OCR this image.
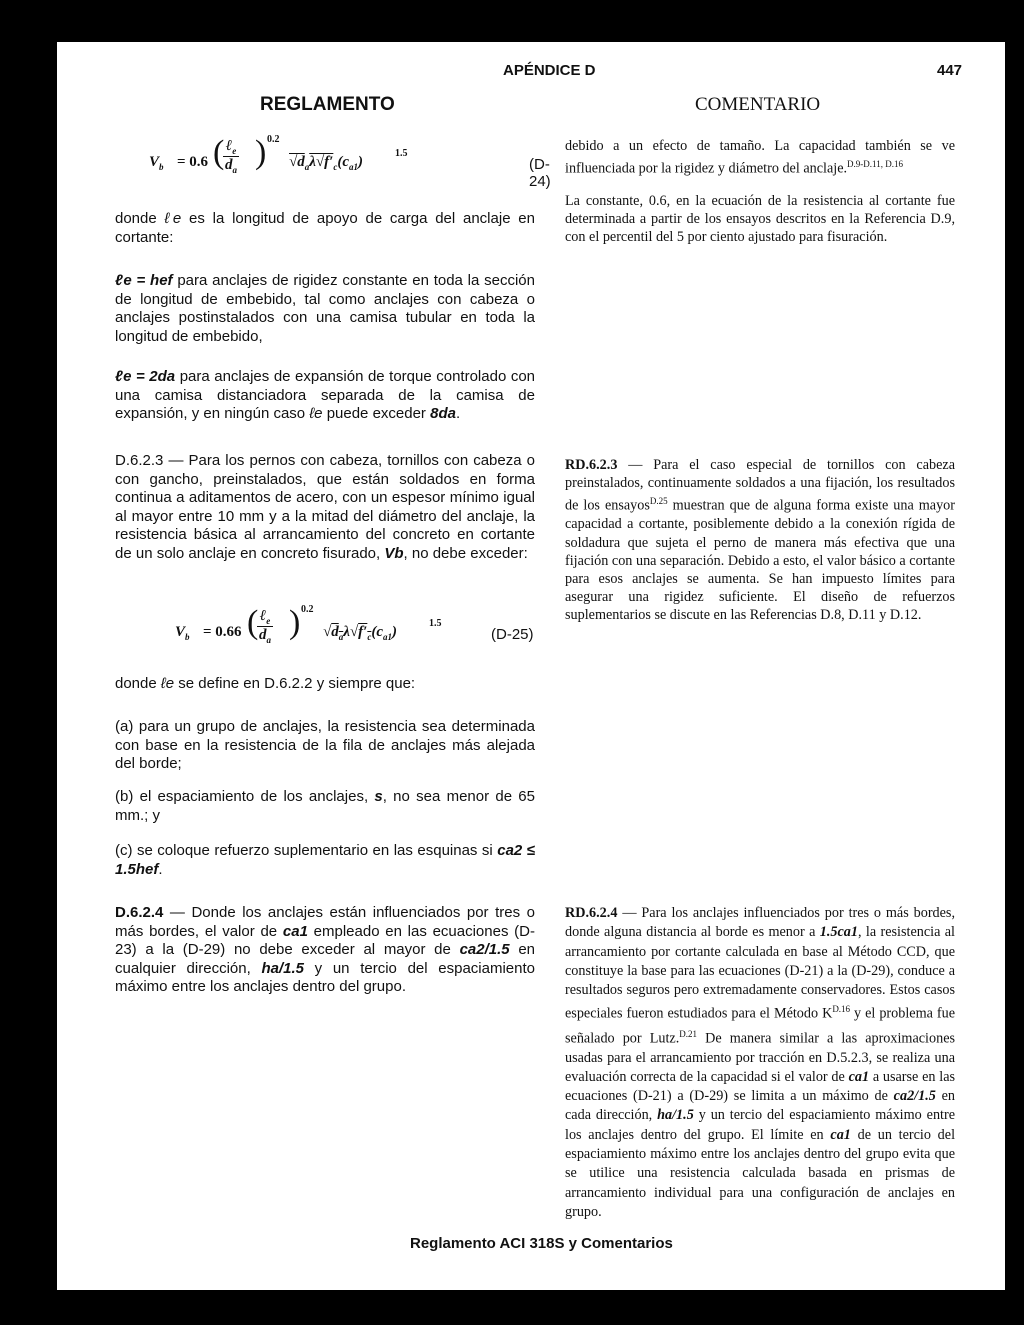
APÉNDICE D	447
REGLAMENTO	COMENTARIO
$V_b = 0.6$ ( ℓ$_e$
$d_a$ ) 0.2
$√d_a\lambda√f'_c(c_{a1})$
1.5
(D-24)

donde ℓe es la longitud de apoyo de carga del anclaje en cortante:

ℓe = hef para anclajes de rigidez constante en toda la sección de longitud de embebido, tal como anclajes con cabeza o anclajes postinstalados con una camisa tubular en toda la longitud de embebido,

ℓe = 2da para anclajes de expansión de torque controlado con una camisa distanciadora separada de la camisa de expansión, y en ningún caso ℓe puede exceder 8da.

D.6.2.3 — Para los pernos con cabeza, tornillos con cabeza o con gancho, preinstalados, que están soldados en forma continua a aditamentos de acero, con un espesor mínimo igual al mayor entre 10 mm y a la mitad del diámetro del anclaje, la resistencia básica al arrancamiento del concreto en cortante de un solo anclaje en concreto fisurado, Vb, no debe exceder:

$V_b = 0.66$ ( ℓ$_e$
$d_a$ ) 0.2
$√d_a\lambda√f'_c(c_{a1})$
1.5
(D-25)

donde ℓe se define en D.6.2.2 y siempre que:

(a) para un grupo de anclajes, la resistencia sea determinada con base en la resistencia de la fila de anclajes más alejada del borde;

(b) el espaciamiento de los anclajes, s, no sea menor de 65 mm.; y

(c) se coloque refuerzo suplementario en las esquinas si ca2 ≤ 1.5hef.

D.6.2.4 — Donde los anclajes están influenciados por tres o más bordes, el valor de ca1 empleado en las ecuaciones (D-23) a la (D-29) no debe exceder al mayor de ca2/1.5 en cualquier dirección, ha/1.5 y un tercio del espaciamiento máximo entre los anclajes dentro del grupo.

debido a un efecto de tamaño. La capacidad también se ve influenciada por la rigidez y diámetro del anclaje.$^{D.9-D.11, D.16}$

La constante, 0.6, en la ecuación de la resistencia al cortante fue determinada a partir de los ensayos descritos en la Referencia D.9, con el percentil del 5 por ciento ajustado para fisuración.

RD.6.2.3 — Para el caso especial de tornillos con cabeza preinstalados, continuamente soldados a una fijación, los resultados de los ensayos$^{D.25}$ muestran que de alguna forma existe una mayor capacidad a cortante, posiblemente debido a la conexión rígida de soldadura que sujeta el perno de manera más efectiva que una fijación con una separación. Debido a esto, el valor básico a cortante para esos anclajes se aumenta. Se han impuesto límites para asegurar una rigidez suficiente. El diseño de refuerzos suplementarios se discute en las Referencias D.8, D.11 y D.12.

RD.6.2.4 — Para los anclajes influenciados por tres o más bordes, donde alguna distancia al borde es menor a 1.5ca1, la resistencia al arrancamiento por cortante calculada en base al Método CCD, que constituye la base para las ecuaciones (D-21) a la (D-29), conduce a resultados seguros pero extremadamente conservadores. Estos casos especiales fueron estudiados para el Método $K^{D.16}$ y el problema fue señalado por Lutz.$^{D.21}$ De manera similar a las aproximaciones usadas para el arrancamiento por tracción en D.5.2.3, se realiza una evaluación correcta de la capacidad si el valor de ca1 a usarse en las ecuaciones (D-21) a (D-29) se limita a un máximo de ca2/1.5 en cada dirección, ha/1.5 y un tercio del espaciamiento máximo entre los anclajes dentro del grupo. El límite en ca1 de un tercio del espaciamiento máximo entre los anclajes dentro del grupo evita que se utilice una resistencia calculada basada en prismas de arrancamiento individual para una configuración de anclajes en grupo.

Reglamento ACI 318S y Comentarios
